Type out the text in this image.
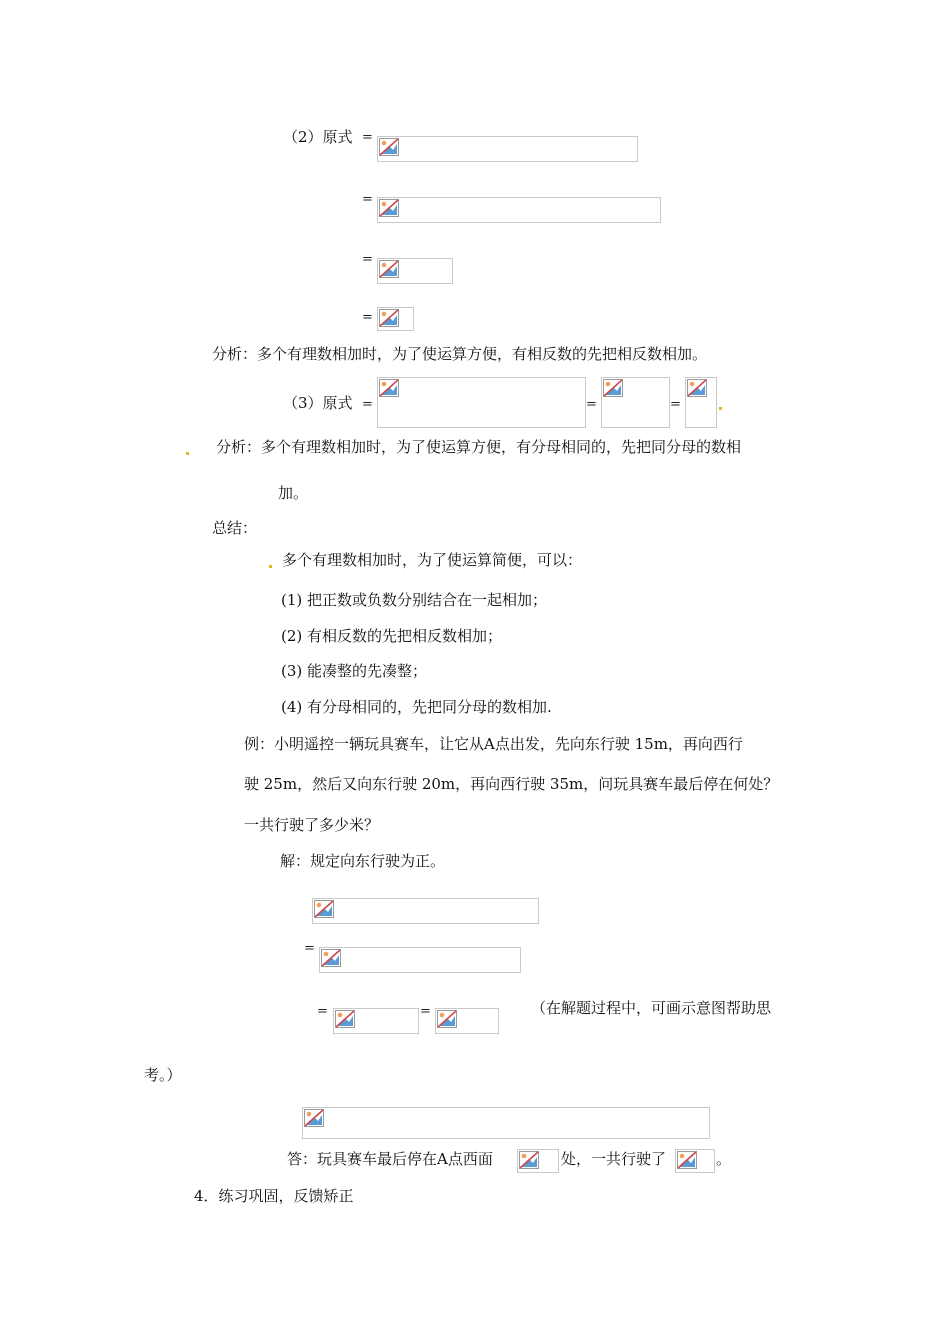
（2）原式 =
=
=
=
分析：多个有理数相加时，为了使运算方便，有相反数的先把相反数相加。
（3）原式 =	=	=
分析：多个有理数相加时，为了使运算方便，有分母相同的，先把同分母的数相
加。
总结：
多个有理数相加时，为了使运算简便，可以：
(1) 把正数或负数分别结合在一起相加；
(2) 有相反数的先把相反数相加；
(3) 能凑整的先凑整；
(4) 有分母相同的，先把同分母的数相加.
例：小明遥控一辆玩具赛车，让它从A点出发，先向东行驶 15m，再向西行
驶 25m，然后又向东行驶 20m，再向西行驶 35m，问玩具赛车最后停在何处？
一共行驶了多少米？
解：规定向东行驶为正。
=
=	=	（在解题过程中，可画示意图帮助思
考。）
答：玩具赛车最后停在A点西面	处，一共行驶了	。
4．练习巩固，反馈矫正
